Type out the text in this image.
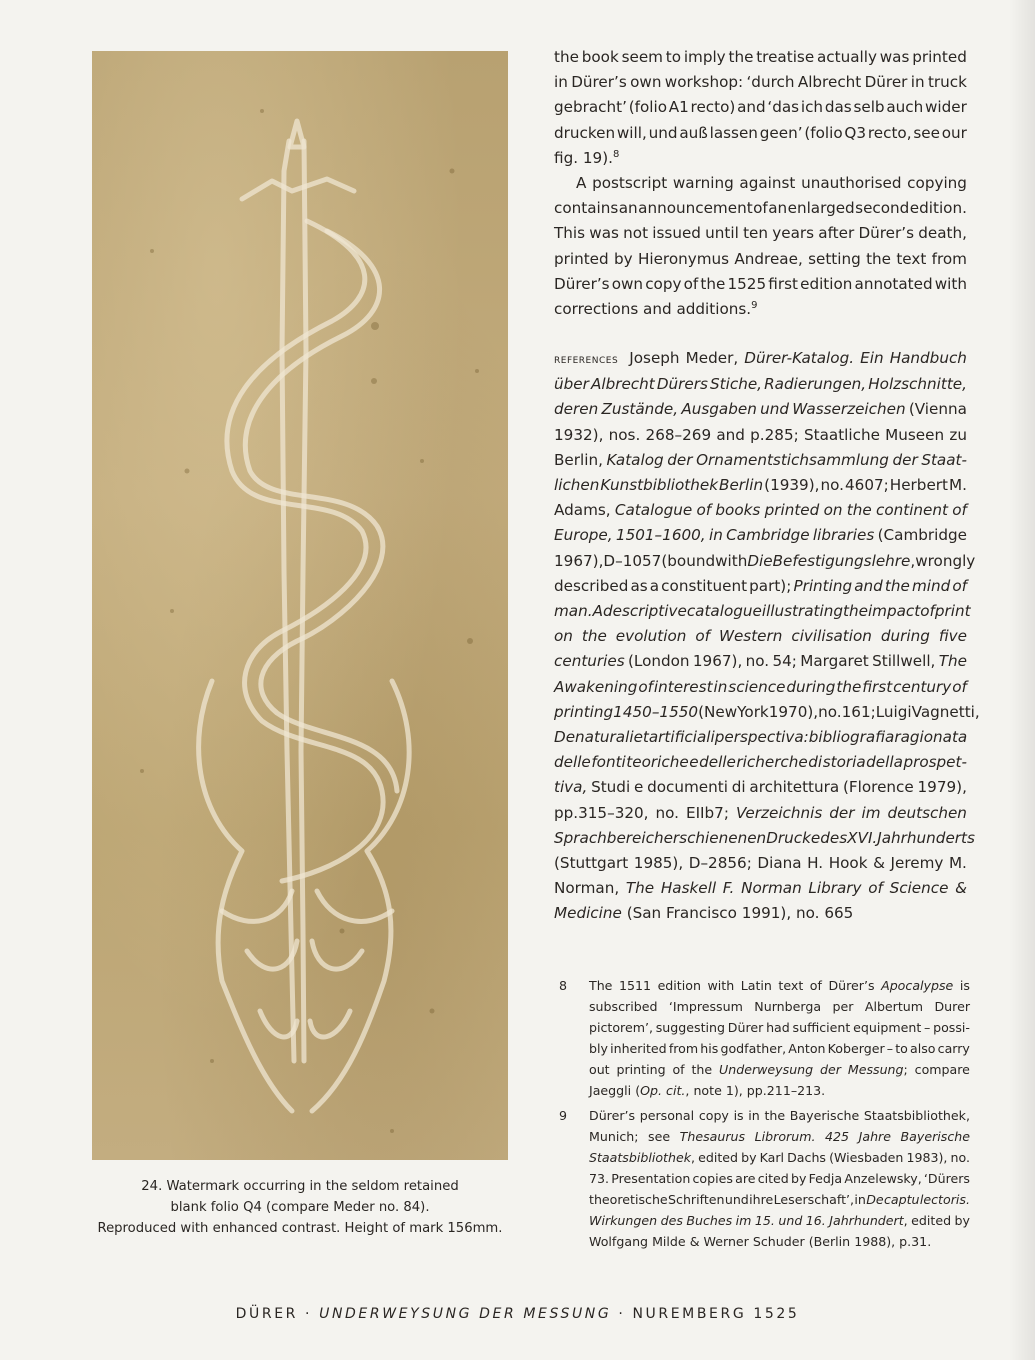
24. Watermark occurring in the seldom retained
blank folio Q4 (compare Meder no. 84).
Reproduced with enhanced contrast. Height of mark 156mm.
the book seem to imply the treatise actually was printed
in Dürer’s own workshop: ‘durch Albrecht Dürer in truck
gebracht’ (folio A1 recto) and ‘das ich das selb auch wider
drucken will, und auß lassen geen’ (folio Q3 recto, see our
fig. 19).$^8$
A postscript warning against unauthorised copying
contains an announcement of an enlarged second edition.
This was not issued until ten years after Dürer’s death,
printed by Hieronymus Andreae, setting the text from
Dürer’s own copy of the 1525 first edition annotated with
corrections and additions.$^9$
references Joseph Meder, Dürer-Katalog. Ein Handbuch
über Albrecht Dürers Stiche, Radierungen, Holzschnitte,
deren Zustände, Ausgaben und Wasserzeichen (Vienna
1932), nos. 268–269 and p.285; Staatliche Museen zu
Berlin, Katalog der Ornamentstichsammlung der Staat-
lichen Kunstbibliothek Berlin (1939), no. 4607; Herbert M.
Adams, Catalogue of books printed on the continent of
Europe, 1501–1600, in Cambridge libraries (Cambridge
1967), D–1057 (bound with Die Befestigungslehre, wrongly
described as a constituent part); Printing and the mind of
man. A descriptive catalogue illustrating the impact of print
on the evolution of Western civilisation during five
centuries (London 1967), no. 54; Margaret Stillwell, The
Awakening of interest in science during the first century of
printing 1450–1550 (New York 1970), no. 161; Luigi Vagnetti,
De naturali et artificiali perspectiva: bibliografia ragionata
delle fonti teoriche e delle richerche di storia della prospet-
tiva, Studi e documenti di architettura (Florence 1979),
pp.315–320, no. EIIb7; Verzeichnis der im deutschen
Sprachbereich erschienenen Drucke des XVI. Jahrhunderts
(Stuttgart 1985), D–2856; Diana H. Hook & Jeremy M.
Norman, The Haskell F. Norman Library of Science &
Medicine (San Francisco 1991), no. 665
8 The 1511 edition with Latin text of Dürer’s Apocalypse is
subscribed ‘Impressum Nurnberga per Albertum Durer
pictorem’, suggesting Dürer had sufficient equipment – possi-
bly inherited from his godfather, Anton Koberger – to also carry
out printing of the Underweysung der Messung; compare
Jaeggli (Op. cit., note 1), pp.211–213.
9 Dürer’s personal copy is in the Bayerische Staatsbibliothek,
Munich; see Thesaurus Librorum. 425 Jahre Bayerische
Staatsbibliothek, edited by Karl Dachs (Wiesbaden 1983), no.
73. Presentation copies are cited by Fedja Anzelewsky, ‘Dürers
theoretische Schriften und ihre Leserschaft’, in De captu lectoris.
Wirkungen des Buches im 15. und 16. Jahrhundert, edited by
Wolfgang Milde & Werner Schuder (Berlin 1988), p.31.
DÜRER · UNDERWEYSUNG DER MESSUNG · NUREMBERG 1525
